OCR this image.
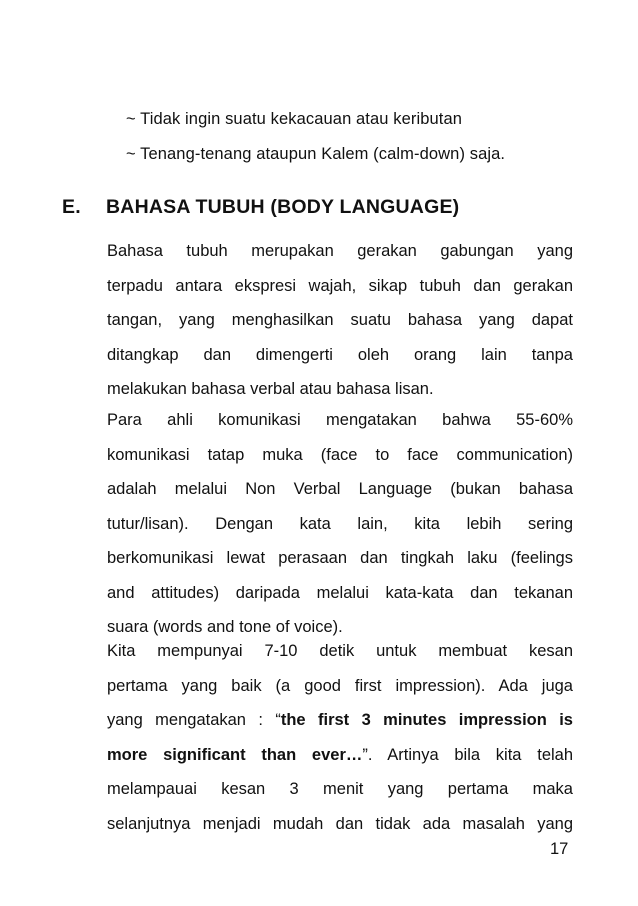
~ Tidak ingin suatu kekacauan atau keributan
~ Tenang-tenang ataupun Kalem (calm-down) saja.
E. BAHASA TUBUH (BODY LANGUAGE)
Bahasa tubuh merupakan gerakan gabungan yang
terpadu antara ekspresi wajah, sikap tubuh dan gerakan
tangan, yang menghasilkan suatu bahasa yang dapat
ditangkap dan dimengerti oleh orang lain tanpa
melakukan bahasa verbal atau bahasa lisan.
Para ahli komunikasi mengatakan bahwa 55-60%
komunikasi tatap muka (face to face communication)
adalah melalui Non Verbal Language (bukan bahasa
tutur/lisan). Dengan kata lain, kita lebih sering
berkomunikasi lewat perasaan dan tingkah laku (feelings
and attitudes) daripada melalui kata-kata dan tekanan
suara (words and tone of voice).
Kita mempunyai 7-10 detik untuk membuat kesan
pertama yang baik (a good first impression). Ada juga
yang mengatakan : “the first 3 minutes impression is
more significant than ever…”. Artinya bila kita telah
melampauai kesan 3 menit yang pertama maka
selanjutnya menjadi mudah dan tidak ada masalah yang
17
